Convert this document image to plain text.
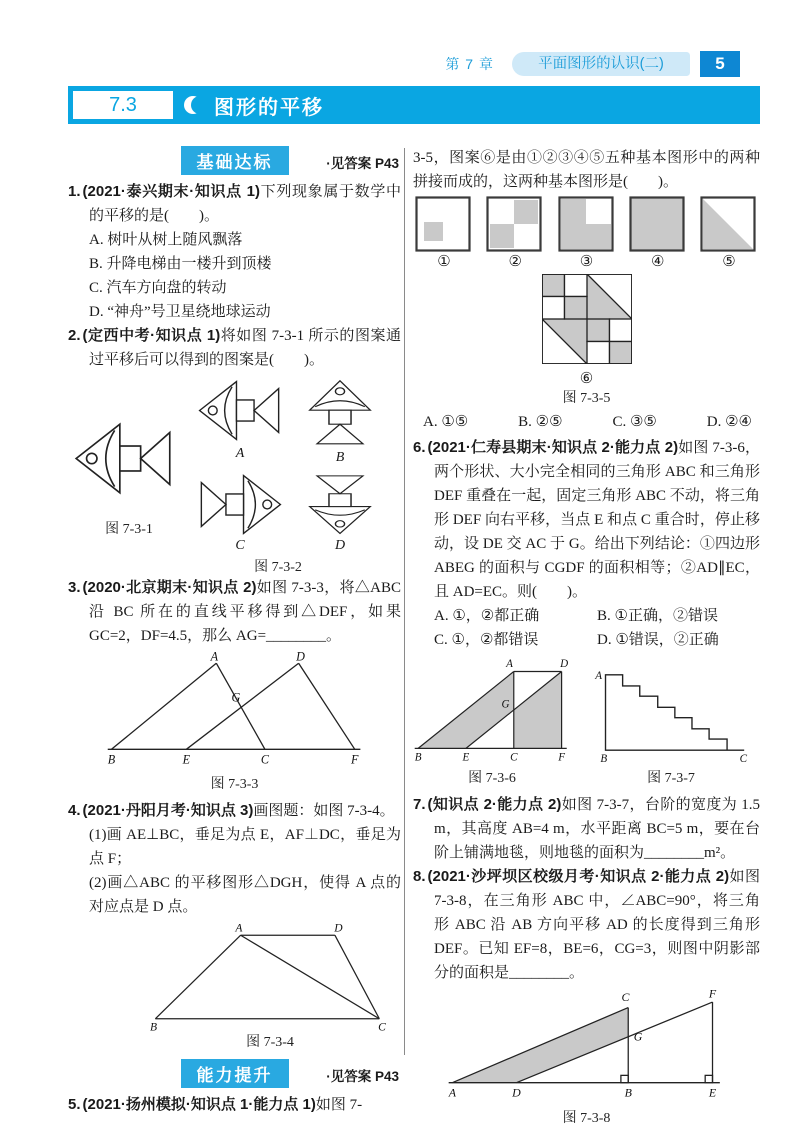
第 7 章	平面图形的认识(二)	5
7.3	图形的平移
基础达标	·见答案 P43

1. (2021·泰兴期末·知识点 1)下列现象属于数学中的平移的是(　　)。

A. 树叶从树上随风飘落

B. 升降电梯由一楼升到顶楼

C. 汽车方向盘的转动

D. “神舟”号卫星绕地球运动

2. (定西中考·知识点 1)将如图 7-3-1 所示的图案通过平移后可以得到的图案是(　　)。

图 7-3-1
A	B
C	D
图 7-3-2

3. (2020·北京期末·知识点 2)如图 7-3-3，将△ABC 沿 BC 所在的直线平移得到△DEF，如果 GC=2，DF=4.5，那么 AG=________。

A	D
G
B	E	C	F
图 7-3-3

4. (2021·丹阳月考·知识点 3)画图题：如图 7-3-4。

(1)画 AE⊥BC，垂足为点 E，AF⊥DC，垂足为点 F；

(2)画△ABC 的平移图形△DGH，使得 A 点的对应点是 D 点。

A	D
B	C
图 7-3-4
能力提升	·见答案 P43

5. (2021·扬州模拟·知识点 1·能力点 1)如图 7-

3-5，图案⑥是由①②③④⑤五种基本图形中的两种拼接而成的，这两种基本图形是(　　)。

①	②	③	④	⑤
⑥
图 7-3-5
A. ①⑤	B. ②⑤	C. ③⑤	D. ②④

6. (2021·仁寿县期末·知识点 2·能力点 2)如图 7-3-6，两个形状、大小完全相同的三角形 ABC 和三角形 DEF 重叠在一起，固定三角形 ABC 不动，将三角形 DEF 向右平移，当点 E 和点 C 重合时，停止移动，设 DE 交 AC 于 G。给出下列结论：①四边形 ABEG 的面积与 CGDF 的面积相等；②AD∥EC，且 AD=EC。则(　　)。

A. ①，②都正确	B. ①正确，②错误
C. ①，②都错误	D. ①错误，②正确
A	D
G
B	E	C	F
图 7-3-6
A
B	C
图 7-3-7

7. (知识点 2·能力点 2)如图 7-3-7，台阶的宽度为 1.5 m，其高度 AB=4 m，水平距离 BC=5 m，要在台阶上铺满地毯，则地毯的面积为________m²。

8. (2021·沙坪坝区校级月考·知识点 2·能力点 2)如图 7-3-8，在三角形 ABC 中，∠ABC=90°，将三角形 ABC 沿 AB 方向平移 AD 的长度得到三角形 DEF。已知 EF=8，BE=6，CG=3，则图中阴影部分的面积是________。

C	F
G
A	D	B	E
图 7-3-8
